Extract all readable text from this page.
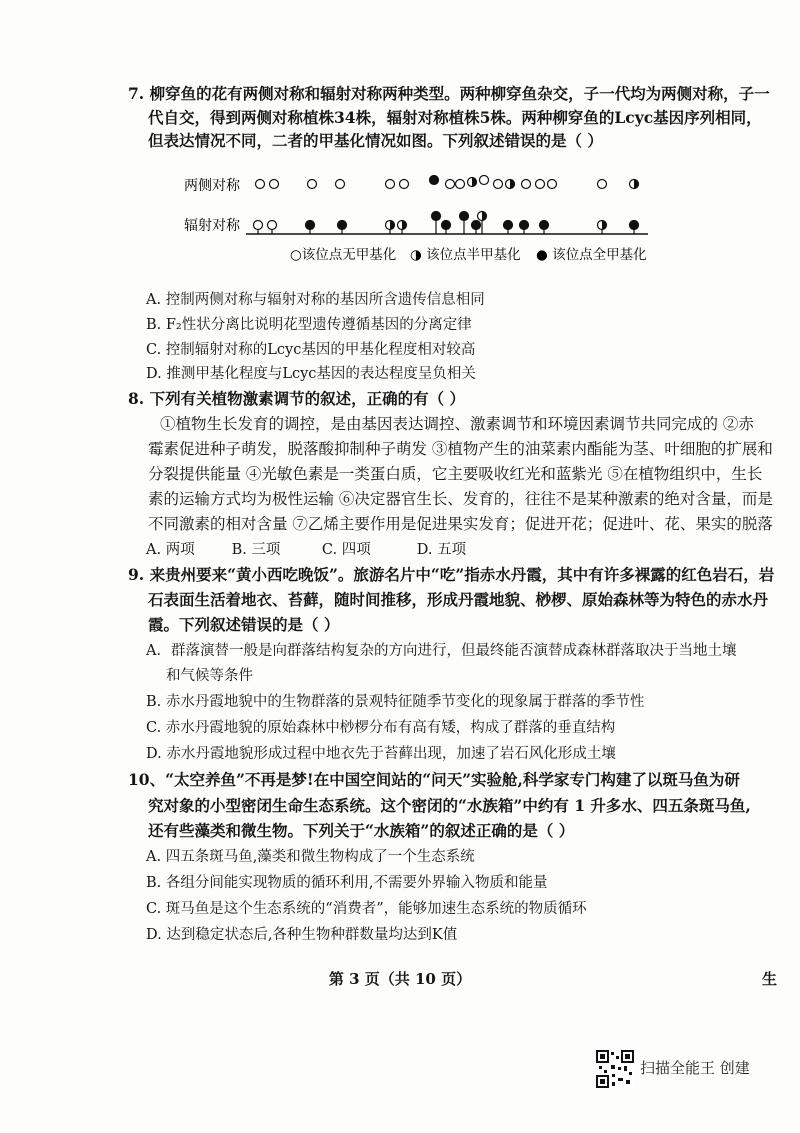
7. 柳穿鱼的花有两侧对称和辐射对称两种类型。两种柳穿鱼杂交，子一代均为两侧对称，子一
代自交，得到两侧对称植株34株，辐射对称植株5株。两种柳穿鱼的Lcyc基因序列相同，
但表达情况不同，二者的甲基化情况如图。下列叙述错误的是（ ）
两侧对称
辐射对称
○该位点无甲基化 ◑ 该位点半甲基化 ● 该位点全甲基化
A. 控制两侧对称与辐射对称的基因所含遗传信息相同
B. F₂性状分离比说明花型遗传遵循基因的分离定律
C. 控制辐射对称的Lcyc基因的甲基化程度相对较高
D. 推测甲基化程度与Lcyc基因的表达程度呈负相关
8. 下列有关植物激素调节的叙述，正确的有（ ）
①植物生长发育的调控，是由基因表达调控、激素调节和环境因素调节共同完成的 ②赤
霉素促进种子萌发，脱落酸抑制种子萌发 ③植物产生的油菜素内酯能为茎、叶细胞的扩展和
分裂提供能量 ④光敏色素是一类蛋白质，它主要吸收红光和蓝紫光 ⑤在植物组织中，生长
素的运输方式均为极性运输 ⑥决定器官生长、发育的，往往不是某种激素的绝对含量，而是
不同激素的相对含量 ⑦乙烯主要作用是促进果实发育；促进开花；促进叶、花、果实的脱落
A. 两项        B. 三项         C. 四项          D. 五项
9. 来贵州要来“黄小西吃晚饭”。旅游名片中“吃”指赤水丹霞，其中有许多裸露的红色岩石，岩
石表面生活着地衣、苔藓，随时间推移，形成丹霞地貌、桫椤、原始森林等为特色的赤水丹
霞。下列叙述错误的是（ ）
A．群落演替一般是向群落结构复杂的方向进行，但最终能否演替成森林群落取决于当地土壤
和气候等条件
B. 赤水丹霞地貌中的生物群落的景观特征随季节变化的现象属于群落的季节性
C. 赤水丹霞地貌的原始森林中桫椤分布有高有矮，构成了群落的垂直结构
D. 赤水丹霞地貌形成过程中地衣先于苔藓出现，加速了岩石风化形成土壤
10、“太空养鱼”不再是梦!在中国空间站的“问天”实验舱,科学家专门构建了以斑马鱼为研
究对象的小型密闭生命生态系统。这个密闭的“水族箱”中约有 1 升多水、四五条斑马鱼,
还有些藻类和微生物。下列关于“水族箱”的叙述正确的是（ ）
A. 四五条斑马鱼,藻类和微生物构成了一个生态系统
B. 各组分间能实现物质的循环利用,不需要外界输入物质和能量
C. 斑马鱼是这个生态系统的“消费者”，能够加速生态系统的物质循环
D. 达到稳定状态后,各种生物种群数量均达到K值
第 3 页（共 10 页）	生
扫描全能王 创建
